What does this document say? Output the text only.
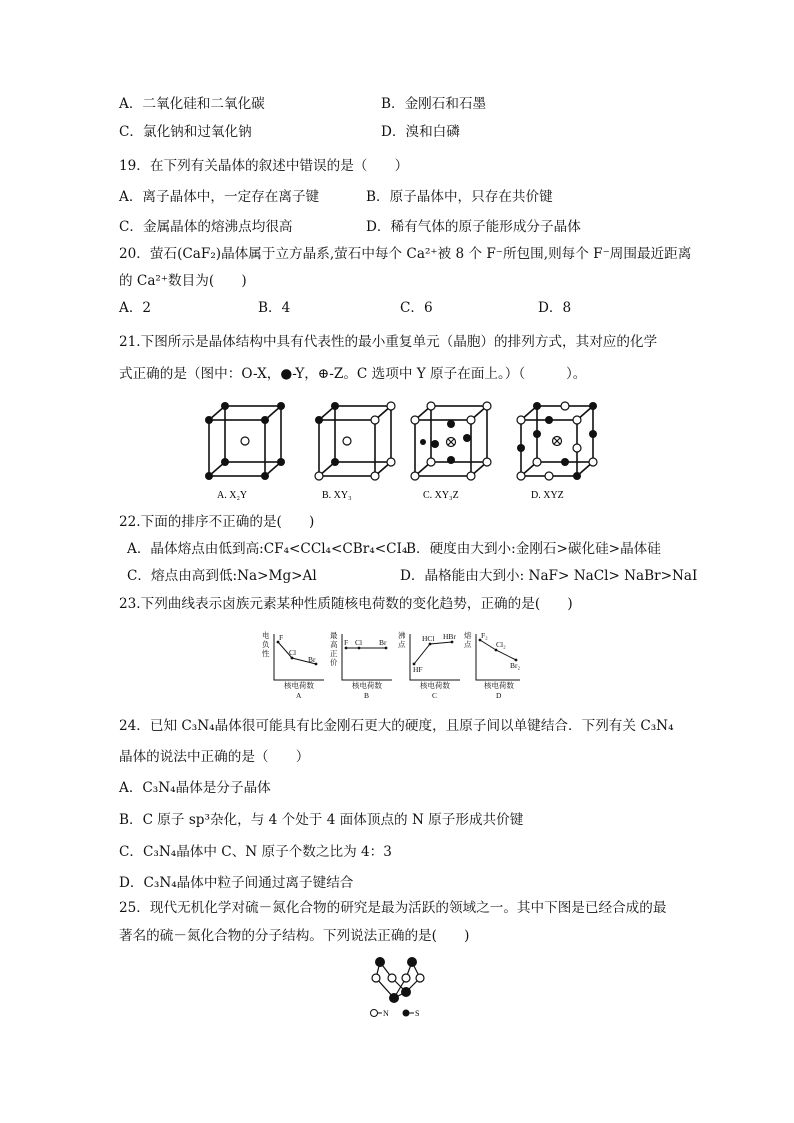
A．二氧化硅和二氧化碳	B．金刚石和石墨
C．氯化钠和过氧化钠	D．溴和白磷
19．在下列有关晶体的叙述中错误的是（　　）
A．离子晶体中，一定存在离子键	B．原子晶体中，只存在共价键
C．金属晶体的熔沸点均很高	D．稀有气体的原子能形成分子晶体
20．萤石(CaF₂)晶体属于立方晶系,萤石中每个 Ca²⁺被 8 个 F⁻所包围,则每个 F⁻周围最近距离
的 Ca²⁺数目为(　　)
A．2	B．4	C．6	D．8
21.下图所示是晶体结构中具有代表性的最小重复单元（晶胞）的排列方式，其对应的化学
式正确的是（图中：O-X，●-Y，⊕-Z。C 选项中 Y 原子在面上。）（　　　）。
A. X₂Y	B. XY₃	C. XY₃Z	D. XYZ
22.下面的排序不正确的是(　　)
A．晶体熔点由低到高:CF₄<CCl₄<CBr₄<CI₄
B．硬度由大到小:金刚石>碳化硅>晶体硅
C．熔点由高到低:Na>Mg>Al	D．晶格能由大到小: NaF> NaCl> NaBr>NaI
23.下列曲线表示卤族元素某种性质随核电荷数的变化趋势，正确的是(　　)
电
负
性
最
高
正
价
沸
点
熔
点
F
Cl
Br
F Cl Br
HF
HCl HBr	F₂
Cl₂
Br₂
核电荷数	核电荷数	核电荷数	核电荷数
A	B	C	D
24．已知 C₃N₄晶体很可能具有比金刚石更大的硬度，且原子间以单键结合．下列有关 C₃N₄
晶体的说法中正确的是（　　）
A．C₃N₄晶体是分子晶体
B．C 原子 sp³杂化，与 4 个处于 4 面体顶点的 N 原子形成共价键
C．C₃N₄晶体中 C、N 原子个数之比为 4：3
D．C₃N₄晶体中粒子间通过离子键结合
25．现代无机化学对硫－氮化合物的研究是最为活跃的领域之一。其中下图是已经合成的最
著名的硫－氮化合物的分子结构。下列说法正确的是(　　)
N	S
